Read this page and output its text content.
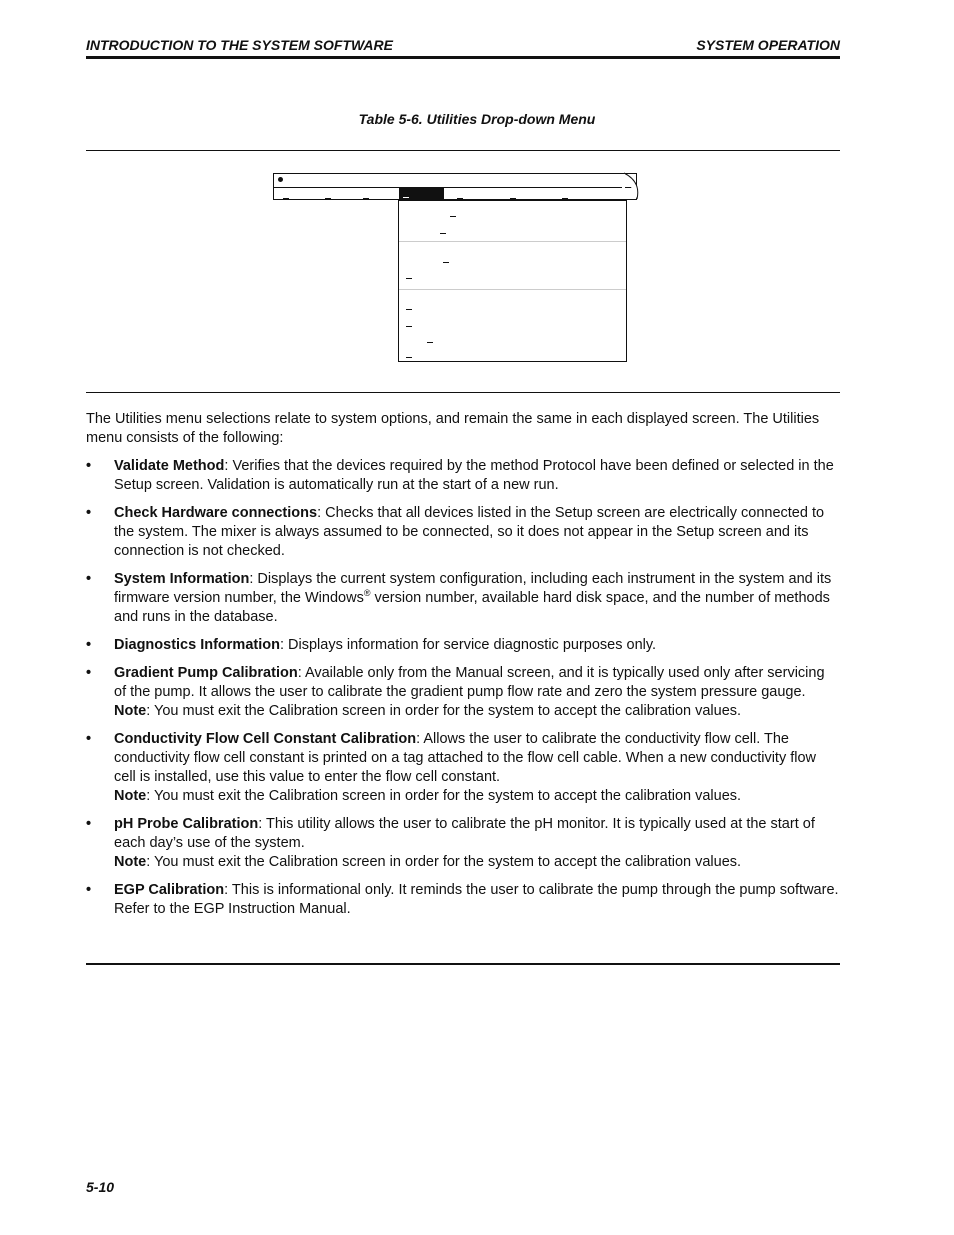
INTRODUCTION TO THE SYSTEM SOFTWARE	SYSTEM OPERATION
Table 5-6. Utilities Drop-down Menu

The Utilities menu selections relate to system options, and remain the same in each displayed screen. The Utilities menu consists of the following:

• Validate Method: Verifies that the devices required by the method Protocol have been defined or selected in the Setup screen. Validation is automatically run at the start of a new run.
• Check Hardware connections: Checks that all devices listed in the Setup screen are electrically connected to the system. The mixer is always assumed to be connected, so it does not appear in the Setup screen and its connection is not checked.
• System Information: Displays the current system configuration, including each instrument in the system and its firmware version number, the Windows® version number, available hard disk space, and the number of methods and runs in the database.
• Diagnostics Information: Displays information for service diagnostic purposes only.
• Gradient Pump Calibration: Available only from the Manual screen, and it is typically used only after servicing of the pump. It allows the user to calibrate the gradient pump flow rate and zero the system pressure gauge.
Note: You must exit the Calibration screen in order for the system to accept the calibration values.
• Conductivity Flow Cell Constant Calibration: Allows the user to calibrate the conductivity flow cell. The conductivity flow cell constant is printed on a tag attached to the flow cell cable. When a new conductivity flow cell is installed, use this value to enter the flow cell constant.
Note: You must exit the Calibration screen in order for the system to accept the calibration values.
• pH Probe Calibration: This utility allows the user to calibrate the pH monitor. It is typically used at the start of each day’s use of the system.
Note: You must exit the Calibration screen in order for the system to accept the calibration values.
• EGP Calibration: This is informational only. It reminds the user to calibrate the pump through the pump software. Refer to the EGP Instruction Manual.
5-10
